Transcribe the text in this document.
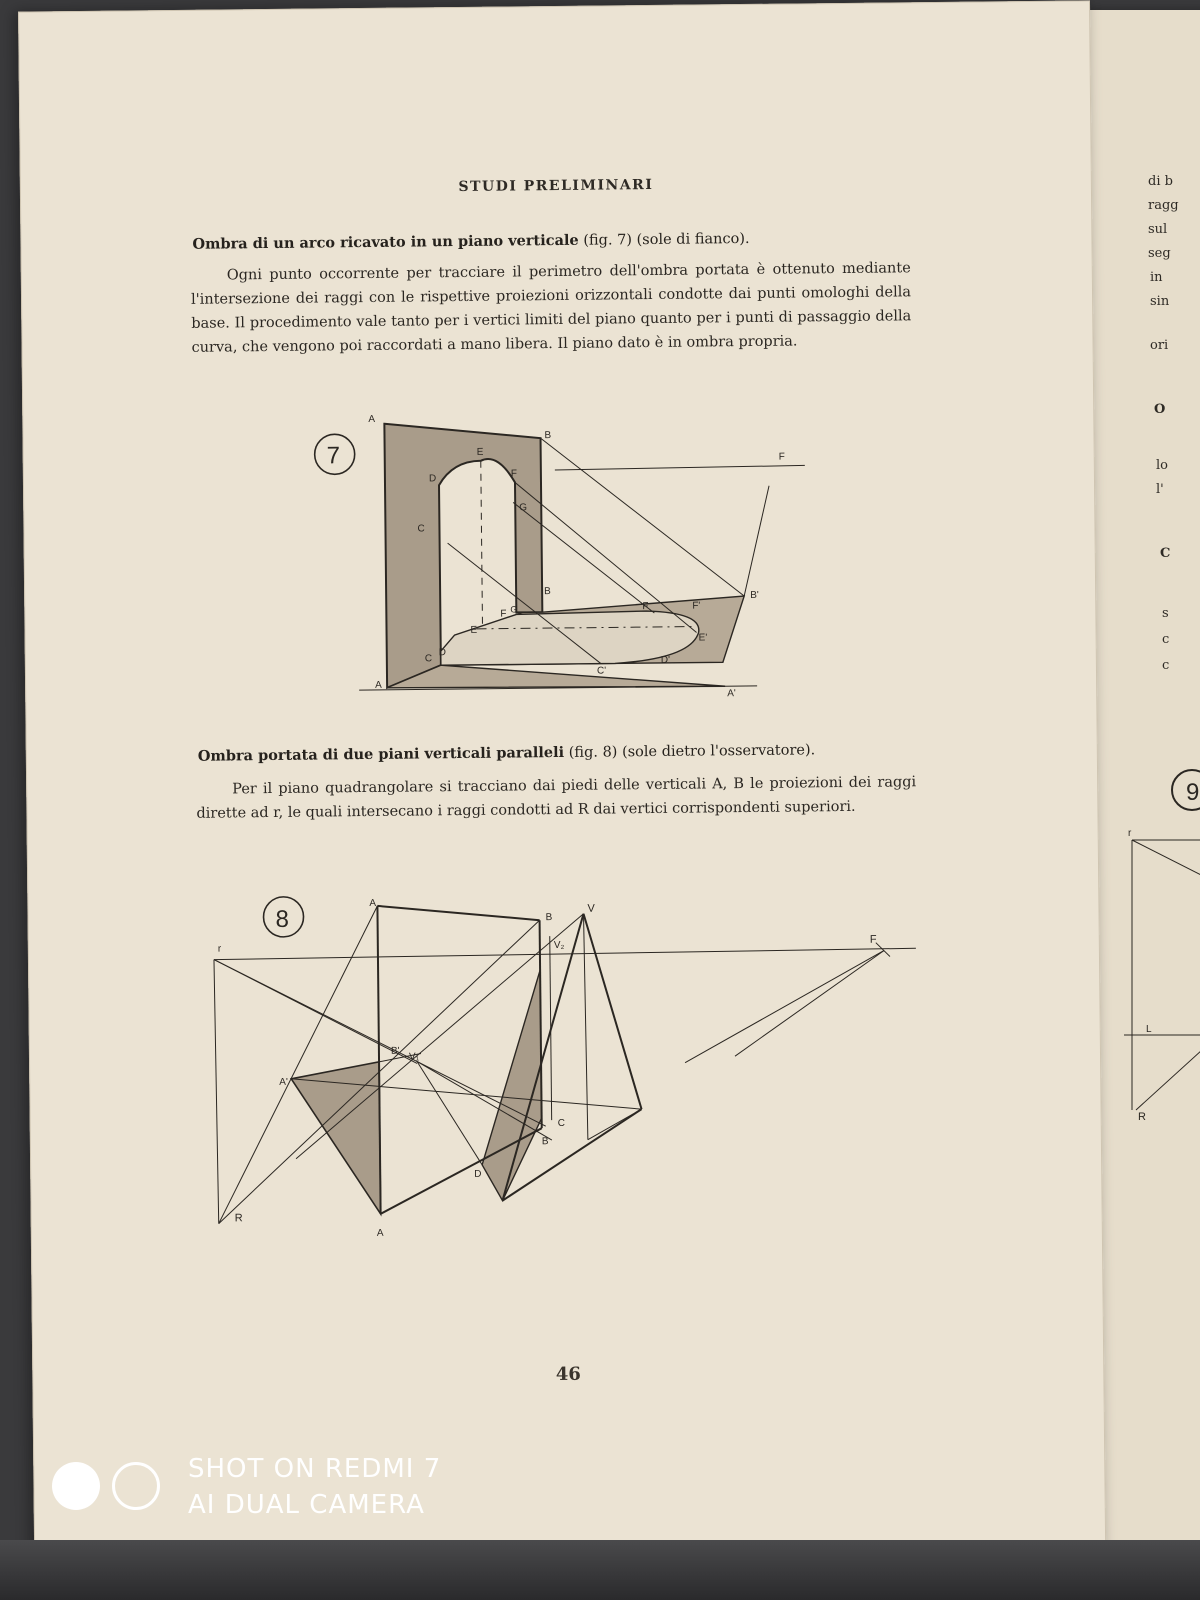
di b
ragg
sul
seg
in
sin
ori
O
lo
l'
C
s
c
c
9
r
L
R
STUDI PRELIMINARI
Ombra di un arco ricavato in un piano verticale (fig. 7) (sole di fianco).
Ogni punto occorrente per tracciare il perimetro dell'ombra portata è ottenuto mediante l'intersezione dei raggi con le rispettive proiezioni orizzontali condotte dai punti omologhi della base. Il procedimento vale tanto per i vertici limiti del piano quanto per i punti di passaggio della curva, che vengono poi raccordati a mano libera. Il piano dato è in ombra propria.
7
A
B
E	F
F
D
G
C
B	B'
F	F'
F G
E
E'
C
D
D'
C'
A
A'
Ombra portata di due piani verticali paralleli (fig. 8) (sole dietro l'osservatore).
Per il piano quadrangolare si tracciano dai piedi delle verticali A, B le proiezioni dei raggi dirette ad r, le quali intersecano i raggi condotti ad R dai vertici corrispondenti superiori.
8
r
A
B
V
V₂	F
B'
V₁
A'
C
B
D
R
A
46
SHOT ON REDMI 7
AI DUAL CAMERA
